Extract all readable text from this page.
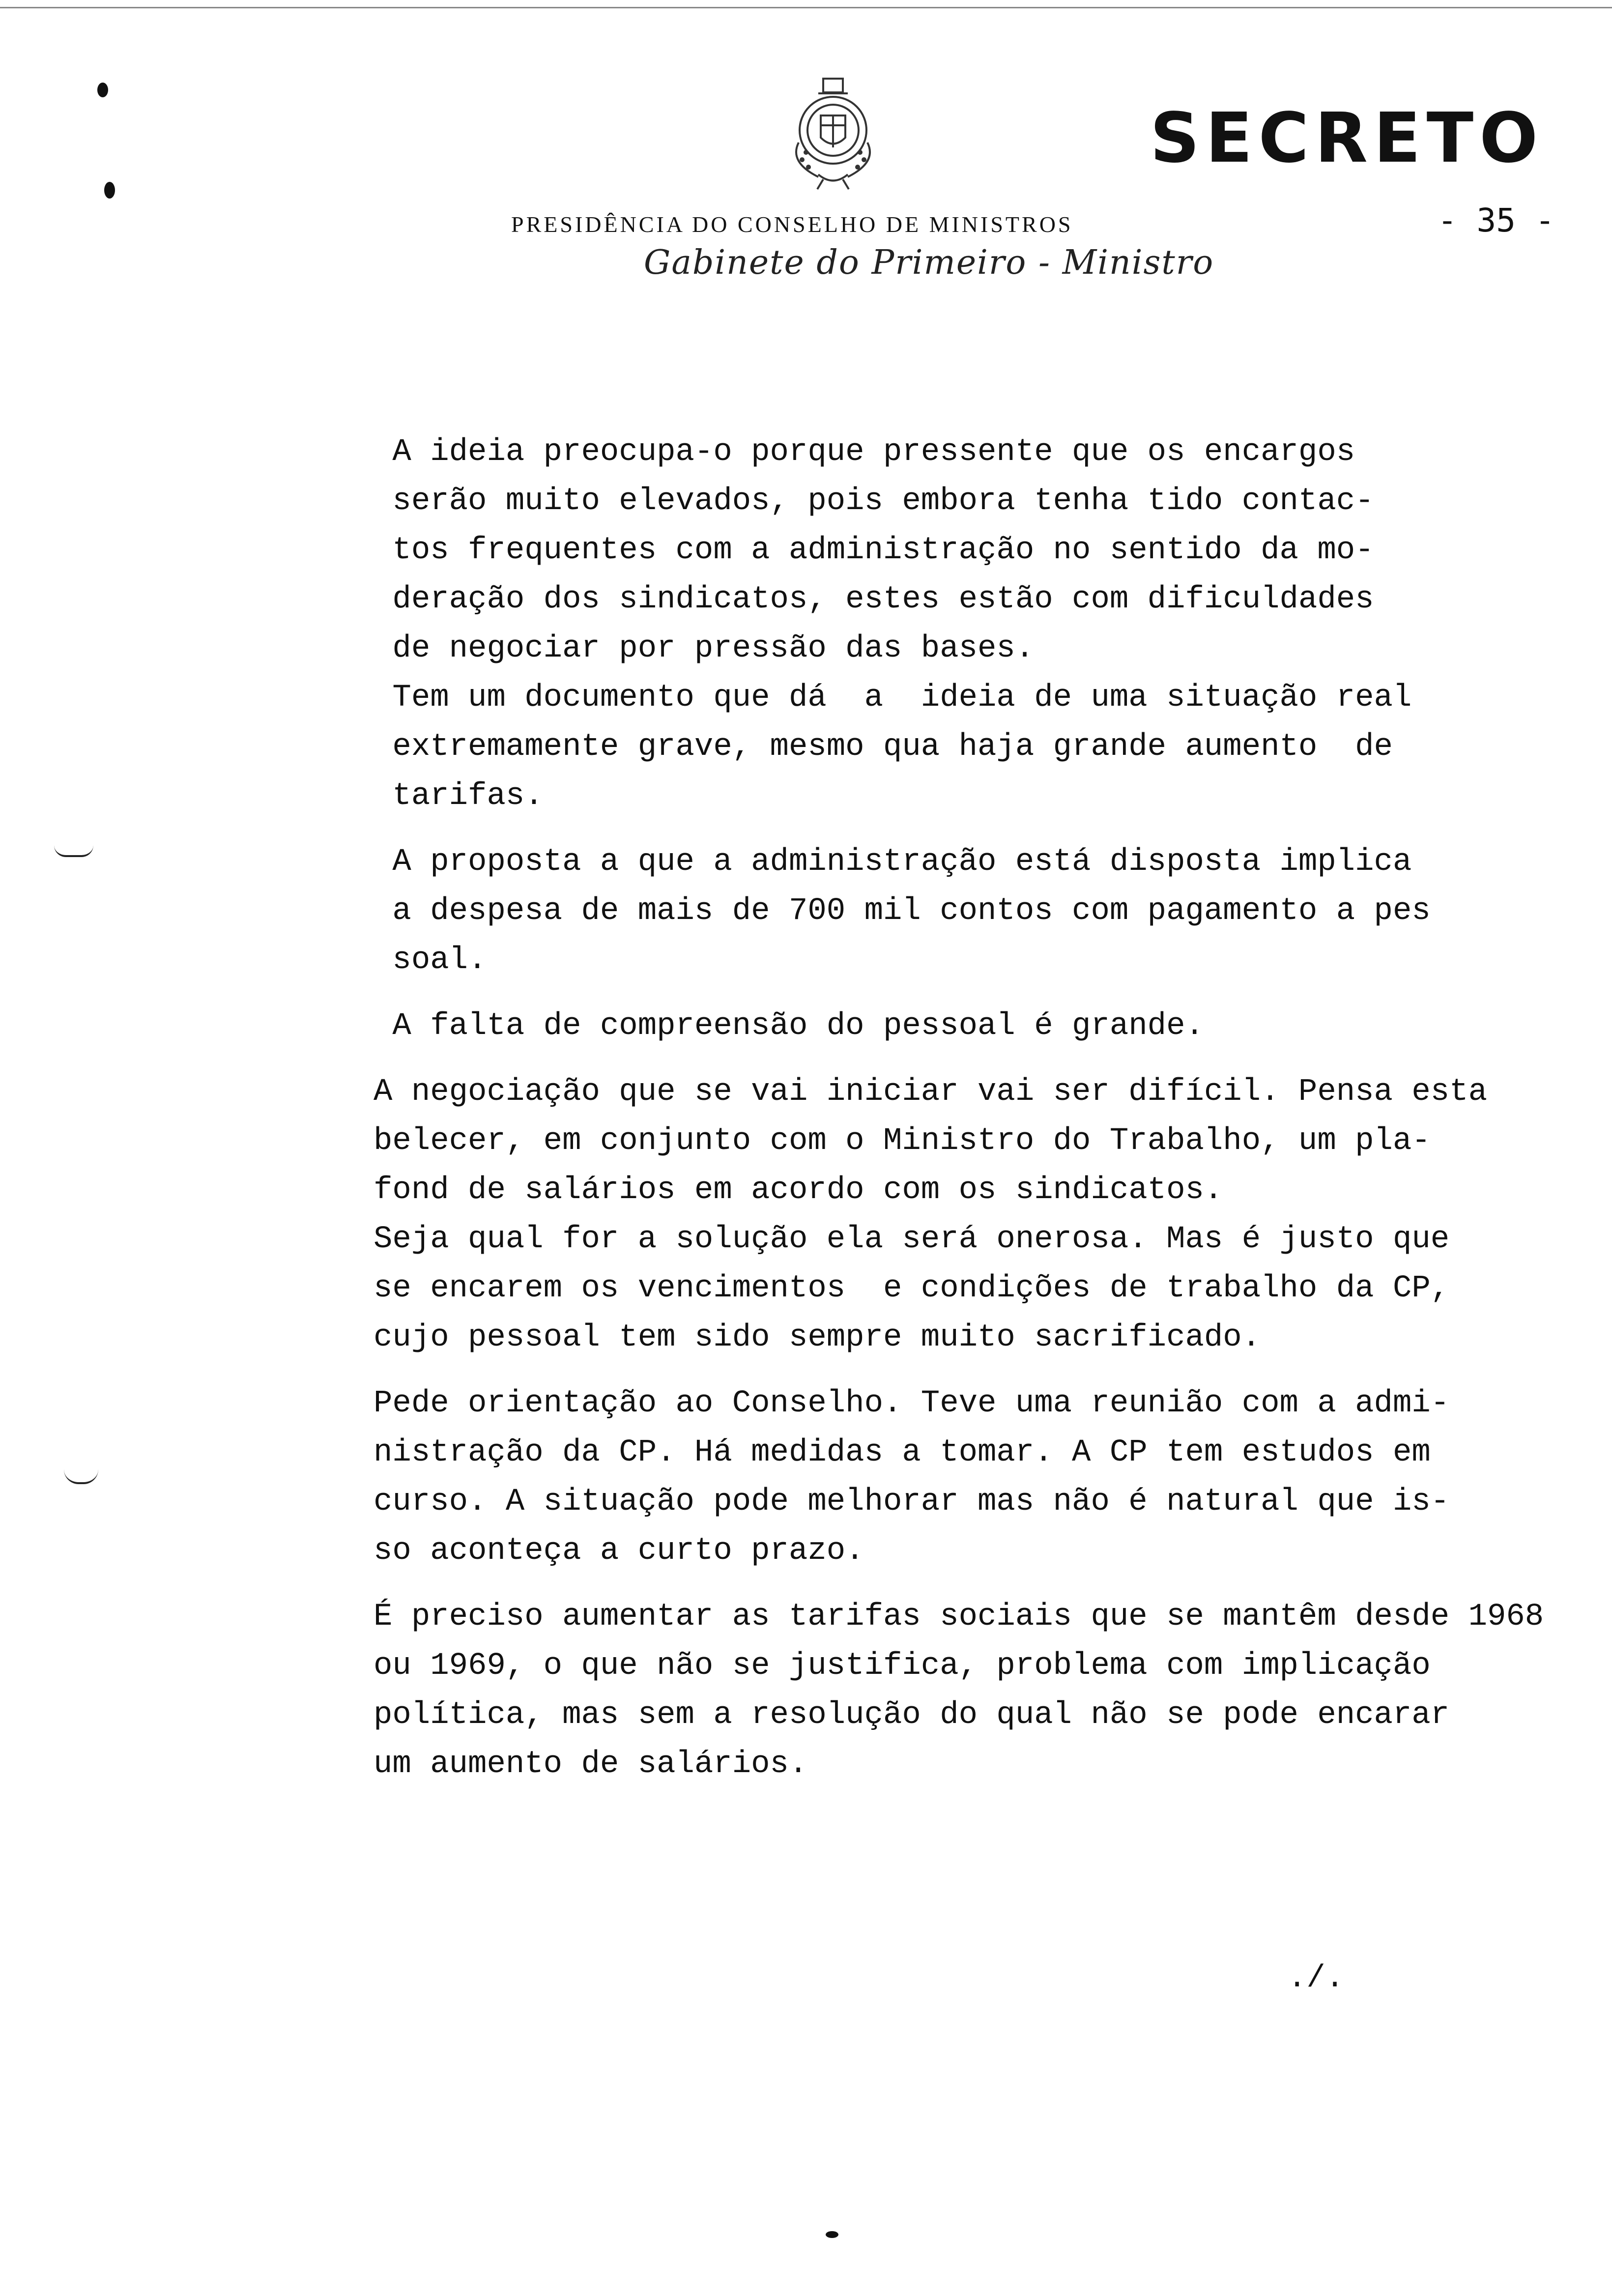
SECRETO
- 35 -
PRESIDÊNCIA DO CONSELHO DE MINISTROS
Gabinete do Primeiro - Ministro
A ideia preocupa-o porque pressente que os encargos
serão muito elevados, pois embora tenha tido contac-
tos frequentes com a administração no sentido da mo-
deração dos sindicatos, estes estão com dificuldades
de negociar por pressão das bases.
Tem um documento que dá  a  ideia de uma situação real
extremamente grave, mesmo qua haja grande aumento  de
tarifas.
A proposta a que a administração está disposta implica
a despesa de mais de 700 mil contos com pagamento a pes
soal.
A falta de compreensão do pessoal é grande.
A negociação que se vai iniciar vai ser difícil. Pensa esta
belecer, em conjunto com o Ministro do Trabalho, um pla-
fond de salários em acordo com os sindicatos.
Seja qual for a solução ela será onerosa. Mas é justo que
se encarem os vencimentos  e condições de trabalho da CP,
cujo pessoal tem sido sempre muito sacrificado.
Pede orientação ao Conselho. Teve uma reunião com a admi-
nistração da CP. Há medidas a tomar. A CP tem estudos em
curso. A situação pode melhorar mas não é natural que is-
so aconteça a curto prazo.
É preciso aumentar as tarifas sociais que se mantêm desde 1968
ou 1969, o que não se justifica, problema com implicação
política, mas sem a resolução do qual não se pode encarar
um aumento de salários.
./.
